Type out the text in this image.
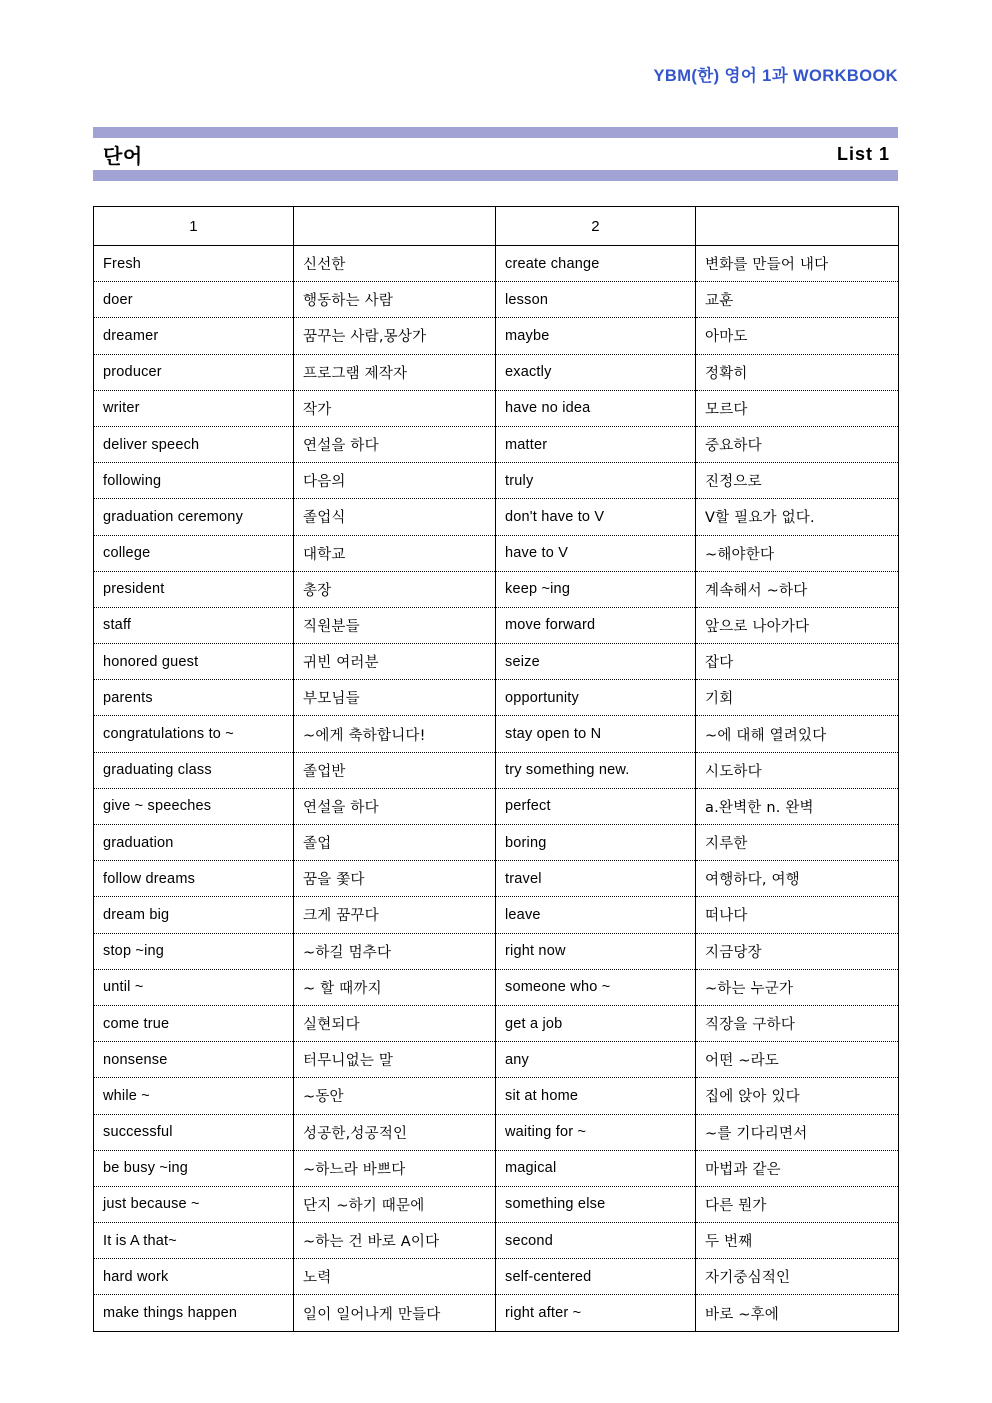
YBM(한) 영어 1과 WORKBOOK
단어	List 1
1		2	
Fresh	신선한	create change	변화를 만들어 내다
doer	행동하는 사람	lesson	교훈
dreamer	꿈꾸는 사람,몽상가	maybe	아마도
producer	프로그램 제작자	exactly	정확히
writer	작가	have no idea	모르다
deliver speech	연설을 하다	matter	중요하다
following	다음의	truly	진정으로
graduation ceremony	졸업식	don't have to V	V할 필요가 없다.
college	대학교	have to V	~해야한다
president	총장	keep ~ing	계속해서 ~하다
staff	직원분들	move forward	앞으로 나아가다
honored guest	귀빈 여러분	seize	잡다
parents	부모님들	opportunity	기회
congratulations to ~	~에게 축하합니다!	stay open to N	~에 대해 열려있다
graduating class	졸업반	try something new.	시도하다
give ~ speeches	연설을 하다	perfect	a.완벽한 n. 완벽
graduation	졸업	boring	지루한
follow dreams	꿈을 쫓다	travel	여행하다, 여행
dream big	크게 꿈꾸다	leave	떠나다
stop ~ing	~하길 멈추다	right now	지금당장
until ~	~ 할 때까지	someone who ~	~하는 누군가
come true	실현되다	get a job	직장을 구하다
nonsense	터무니없는 말	any	어떤 ~라도
while ~	~동안	sit at home	집에 앉아 있다
successful	성공한,성공적인	waiting for ~	~를 기다리면서
be busy ~ing	~하느라 바쁘다	magical	마법과 같은
just because ~	단지 ~하기 때문에	something else	다른 뭔가
It is A that~	~하는 건 바로 A이다	second	두 번째
hard work	노력	self-centered	자기중심적인
make things happen	일이 일어나게 만들다	right after ~	바로 ~후에
